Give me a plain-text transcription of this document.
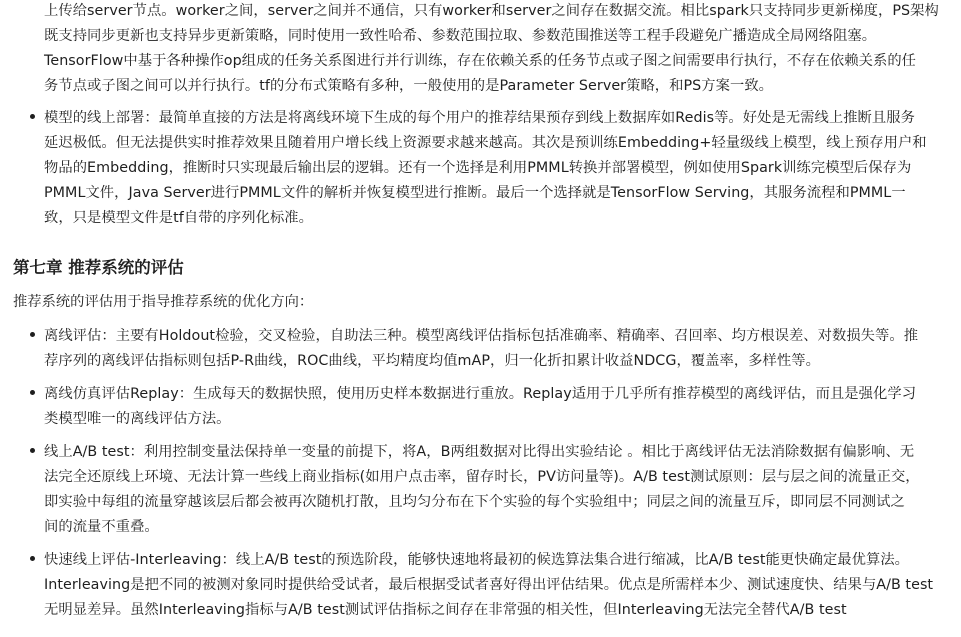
上传给server节点。worker之间，server之间并不通信，只有worker和server之间存在数据交流。相比spark只支持同步更新梯度，PS架构
既支持同步更新也支持异步更新策略，同时使用一致性哈希、参数范围拉取、参数范围推送等工程手段避免广播造成全局网络阻塞。
TensorFlow中基于各种操作op组成的任务关系图进行并行训练，存在依赖关系的任务节点或子图之间需要串行执行，不存在依赖关系的任
务节点或子图之间可以并行执行。tf的分布式策略有多种，一般使用的是Parameter Server策略，和PS方案一致。
模型的线上部署：最简单直接的方法是将离线环境下生成的每个用户的推荐结果预存到线上数据库如Redis等。好处是无需线上推断且服务
延迟极低。但无法提供实时推荐效果且随着用户增长线上资源要求越来越高。其次是预训练Embedding+轻量级线上模型，线上预存用户和
物品的Embedding，推断时只实现最后输出层的逻辑。还有一个选择是利用PMML转换并部署模型，例如使用Spark训练完模型后保存为
PMML文件，Java Server进行PMML文件的解析并恢复模型进行推断。最后一个选择就是TensorFlow Serving，其服务流程和PMML一
致，只是模型文件是tf自带的序列化标准。
第七章 推荐系统的评估
推荐系统的评估用于指导推荐系统的优化方向：
离线评估：主要有Holdout检验，交叉检验，自助法三种。模型离线评估指标包括准确率、精确率、召回率、均方根误差、对数损失等。推
荐序列的离线评估指标则包括P-R曲线，ROC曲线，平均精度均值mAP，归一化折扣累计收益NDCG，覆盖率，多样性等。
离线仿真评估Replay：生成每天的数据快照，使用历史样本数据进行重放。Replay适用于几乎所有推荐模型的离线评估，而且是强化学习
类模型唯一的离线评估方法。
线上A/B test：利用控制变量法保持单一变量的前提下，将A，B两组数据对比得出实验结论 。相比于离线评估无法消除数据有偏影响、无
法完全还原线上环境、无法计算一些线上商业指标(如用户点击率，留存时长，PV访问量等)。A/B test测试原则：层与层之间的流量正交，
即实验中每组的流量穿越该层后都会被再次随机打散，且均匀分布在下个实验的每个实验组中；同层之间的流量互斥，即同层不同测试之
间的流量不重叠。
快速线上评估-Interleaving：线上A/B test的预选阶段，能够快速地将最初的候选算法集合进行缩减，比A/B test能更快确定最优算法。
Interleaving是把不同的被测对象同时提供给受试者，最后根据受试者喜好得出评估结果。优点是所需样本少、测试速度快、结果与A/B test
无明显差异。虽然Interleaving指标与A/B test测试评估指标之间存在非常强的相关性，但Interleaving无法完全替代A/B test
